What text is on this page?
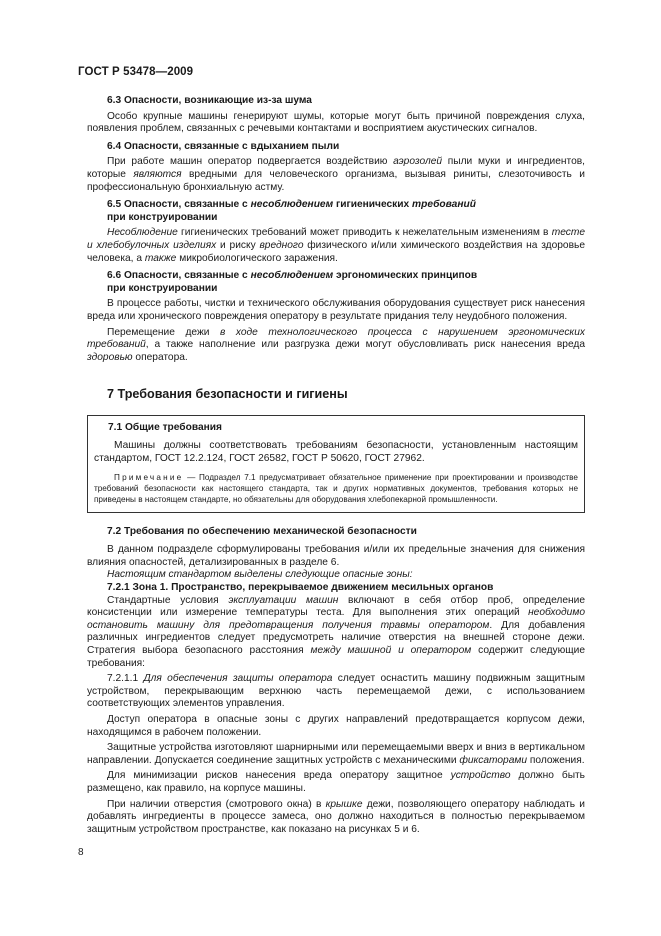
ГОСТ Р 53478—2009
6.3 Опасности, возникающие из-за шума

Особо крупные машины генерируют шумы, которые могут быть причиной повреждения слуха, появления проблем, связанных с речевыми контактами и восприятием акустических сигналов.

6.4 Опасности, связанные с вдыханием пыли

При работе машин оператор подвергается воздействию аэрозолей пыли муки и ингредиентов, которые являются вредными для человеческого организма, вызывая риниты, слезоточивость и профессиональную бронхиальную астму.

6.5 Опасности, связанные с несоблюдением гигиенических требований
при конструировании

Несоблюдение гигиенических требований может приводить к нежелательным изменениям в тесте и хлебобулочных изделиях и риску вредного физического и/или химического воздействия на здоровье человека, а также микробиологического заражения.

6.6 Опасности, связанные с несоблюдением эргономических принципов
при конструировании

В процессе работы, чистки и технического обслуживания оборудования существует риск нанесения вреда или хронического повреждения оператору в результате придания телу неудобного положения.

Перемещение дежи в ходе технологического процесса с нарушением эргономических требований, а также наполнение или разгрузка дежи могут обусловливать риск нанесения вреда здоровью оператора.

7 Требования безопасности и гигиены
7.1 Общие требования

Машины должны соответствовать требованиям безопасности, установленным настоящим стандартом, ГОСТ 12.2.124, ГОСТ 26582, ГОСТ Р 50620, ГОСТ 27962.

Примечание — Подраздел 7.1 предусматривает обязательное применение при проектировании и производстве требований безопасности как настоящего стандарта, так и других нормативных документов, требования которых не приведены в настоящем стандарте, но обязательны для оборудования хлебопекарной промышленности.
7.2 Требования по обеспечению механической безопасности

В данном подразделе сформулированы требования и/или их предельные значения для снижения влияния опасностей, детализированных в разделе 6.

Настоящим стандартом выделены следующие опасные зоны:

7.2.1 Зона 1. Пространство, перекрываемое движением месильных органов

Стандартные условия эксплуатации машин включают в себя отбор проб, определение консистенции или измерение температуры теста. Для выполнения этих операций необходимо остановить машину для предотвращения получения травмы оператором. Для добавления различных ингредиентов следует предусмотреть наличие отверстия на внешней стороне дежи. Стратегия выбора безопасного расстояния между машиной и оператором содержит следующие требования:

7.2.1.1 Для обеспечения защиты оператора следует оснастить машину подвижным защитным устройством, перекрывающим верхнюю часть перемещаемой дежи, с использованием соответствующих элементов управления.

Доступ оператора в опасные зоны с других направлений предотвращается корпусом дежи, находящимся в рабочем положении.

Защитные устройства изготовляют шарнирными или перемещаемыми вверх и вниз в вертикальном направлении. Допускается соединение защитных устройств с механическими фиксаторами положения.

Для минимизации рисков нанесения вреда оператору защитное устройство должно быть размещено, как правило, на корпусе машины.

При наличии отверстия (смотрового окна) в крышке дежи, позволяющего оператору наблюдать и добавлять ингредиенты в процессе замеса, оно должно находиться в полностью перекрываемом защитным устройством пространстве, как показано на рисунках 5 и 6.

8
